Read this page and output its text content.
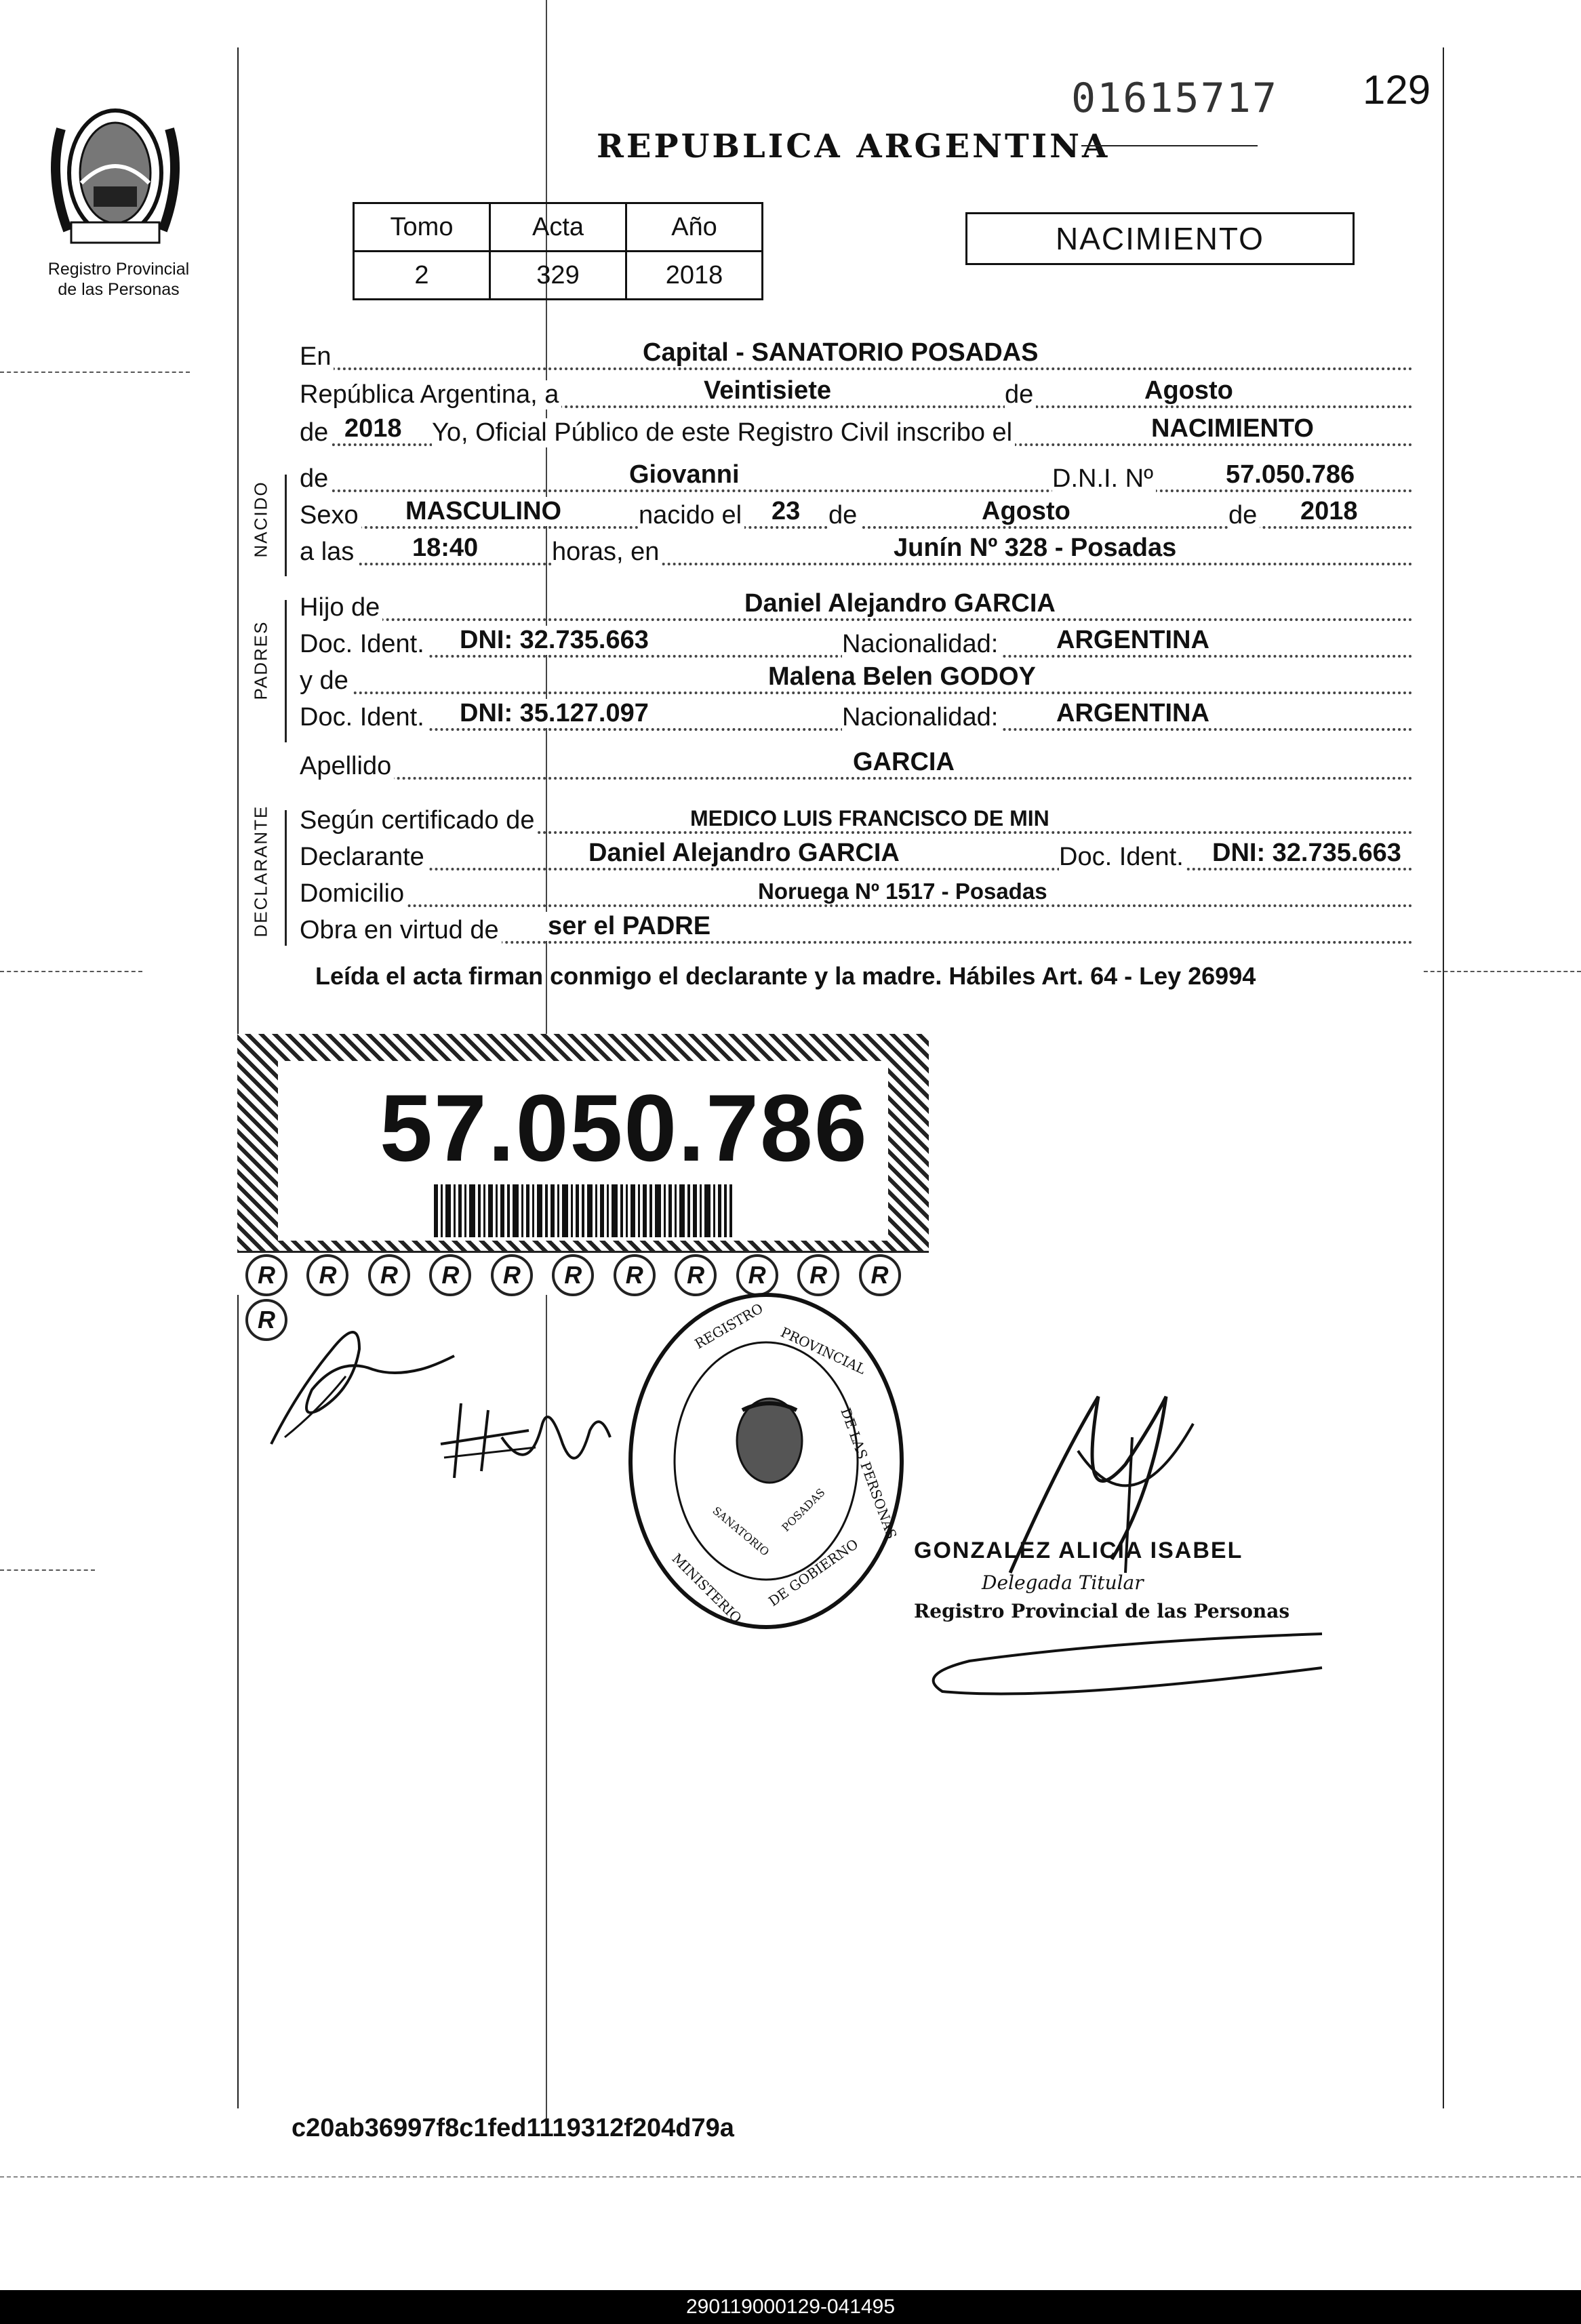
Registro Provincial
de las Personas
01615717 129
REPUBLICA ARGENTINA
Tomo	Acta	Año
2	329	2018
NACIMIENTO
En	Capital - SANATORIO POSADAS
República Argentina, a	Veintisiete	de	Agosto
de 2018 Yo, Oficial Público de este Registro Civil inscribo el	NACIMIENTO
NACIDO
de	Giovanni	D.N.I. Nº	57.050.786
Sexo MASCULINO	nacido el 23 de	Agosto	de 2018
a las 18:40	horas, en	Junín Nº 328 - Posadas
PADRES
Hijo de	Daniel Alejandro GARCIA
Doc. Ident. DNI: 32.735.663	Nacionalidad: ARGENTINA
y de	Malena Belen GODOY
Doc. Ident. DNI: 35.127.097	Nacionalidad: ARGENTINA
Apellido	GARCIA
DECLARANTE Según certificado de	MEDICO LUIS FRANCISCO DE MIN
Declarante	Daniel Alejandro GARCIA	Doc. Ident. DNI: 32.735.663
Domicilio	Noruega Nº 1517 - Posadas
Obra en virtud de ser el PADRE
Leída el acta firman conmigo el declarante y la madre. Hábiles Art. 64 - Ley 26994
57.050.786
R R R R R R R R R R R R	REGISTRO PROVINCIAL
DE LAS PERSONAS
MINISTERIO DE GOBIERNO
SANATORIO POSADAS
GONZALEZ ALICIA ISABEL
Delegada Titular
Registro Provincial de las Personas
c20ab36997f8c1fed1119312f204d79a
290119000129-041495
